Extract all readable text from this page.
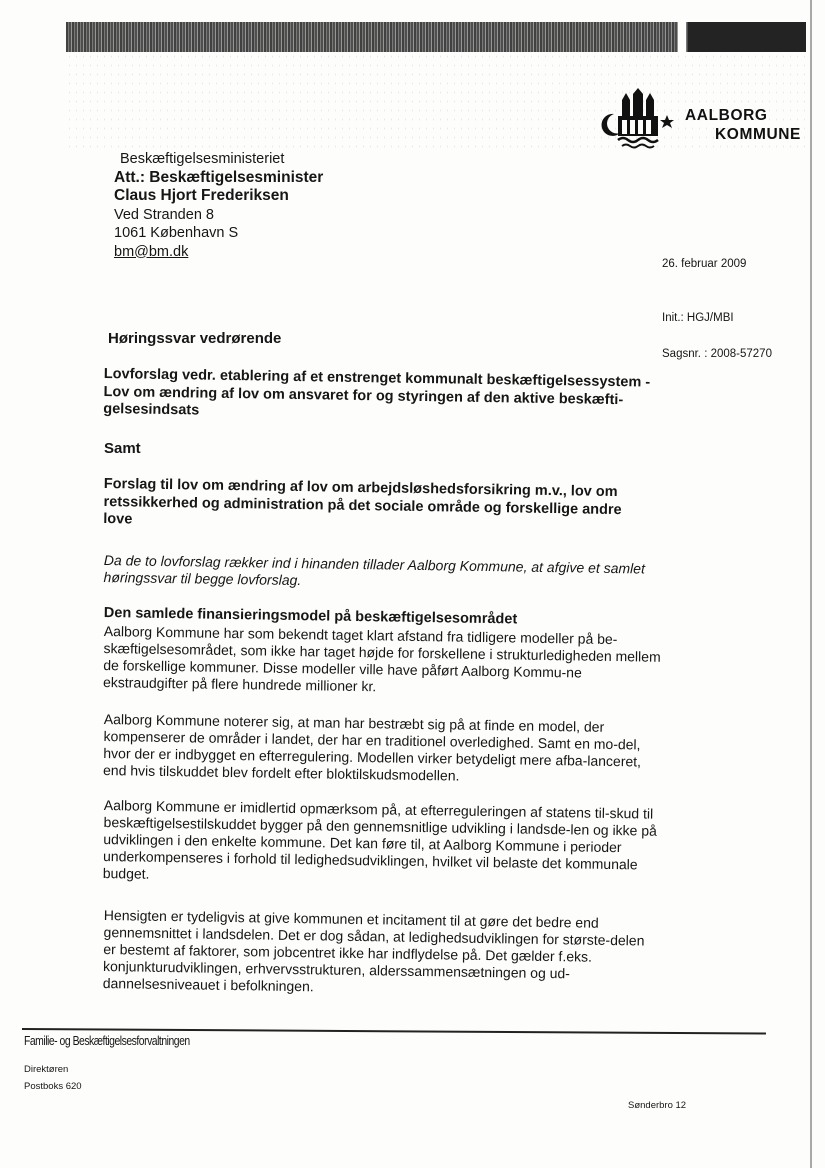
AALBORG
KOMMUNE
Beskæftigelsesministeriet
Att.: Beskæftigelsesminister
Claus Hjort Frederiksen
Ved Stranden 8
1061 København S
bm@bm.dk
26. februar 2009
Init.: HGJ/MBI
Sagsnr. : 2008-57270
Høringssvar vedrørende
Lovforslag vedr. etablering af et enstrenget kommunalt beskæftigelsessystem - Lov om ændring af lov om ansvaret for og styringen af den aktive beskæfti-gelsesindsats
Samt
Forslag til lov om ændring af lov om arbejdsløshedsforsikring m.v., lov om retssikkerhed og administration på det sociale område og forskellige andre love
Da de to lovforslag rækker ind i hinanden tillader Aalborg Kommune, at afgive et samlet høringssvar til begge lovforslag.
Den samlede finansieringsmodel på beskæftigelsesområdet
Aalborg Kommune har som bekendt taget klart afstand fra tidligere modeller på be-skæftigelsesområdet, som ikke har taget højde for forskellene i strukturledigheden mellem de forskellige kommuner. Disse modeller ville have påført Aalborg Kommu-ne ekstraudgifter på flere hundrede millioner kr.
Aalborg Kommune noterer sig, at man har bestræbt sig på at finde en model, der kompenserer de områder i landet, der har en traditionel overledighed. Samt en mo-del, hvor der er indbygget en efterregulering. Modellen virker betydeligt mere afba-lanceret, end hvis tilskuddet blev fordelt efter bloktilskudsmodellen.
Aalborg Kommune er imidlertid opmærksom på, at efterreguleringen af statens til-skud til beskæftigelsestilskuddet bygger på den gennemsnitlige udvikling i landsde-len og ikke på udviklingen i den enkelte kommune. Det kan føre til, at Aalborg Kommune i perioder underkompenseres i forhold til ledighedsudviklingen, hvilket vil belaste det kommunale budget.
Hensigten er tydeligvis at give kommunen et incitament til at gøre det bedre end gennemsnittet i landsdelen. Det er dog sådan, at ledighedsudviklingen for største-delen er bestemt af faktorer, som jobcentret ikke har indflydelse på. Det gælder f.eks. konjunkturudviklingen, erhvervsstrukturen, alderssammensætningen og ud-dannelsesniveauet i befolkningen.
Familie- og Beskæftigelsesforvaltningen
Direktøren
Postboks 620
Sønderbro 12
